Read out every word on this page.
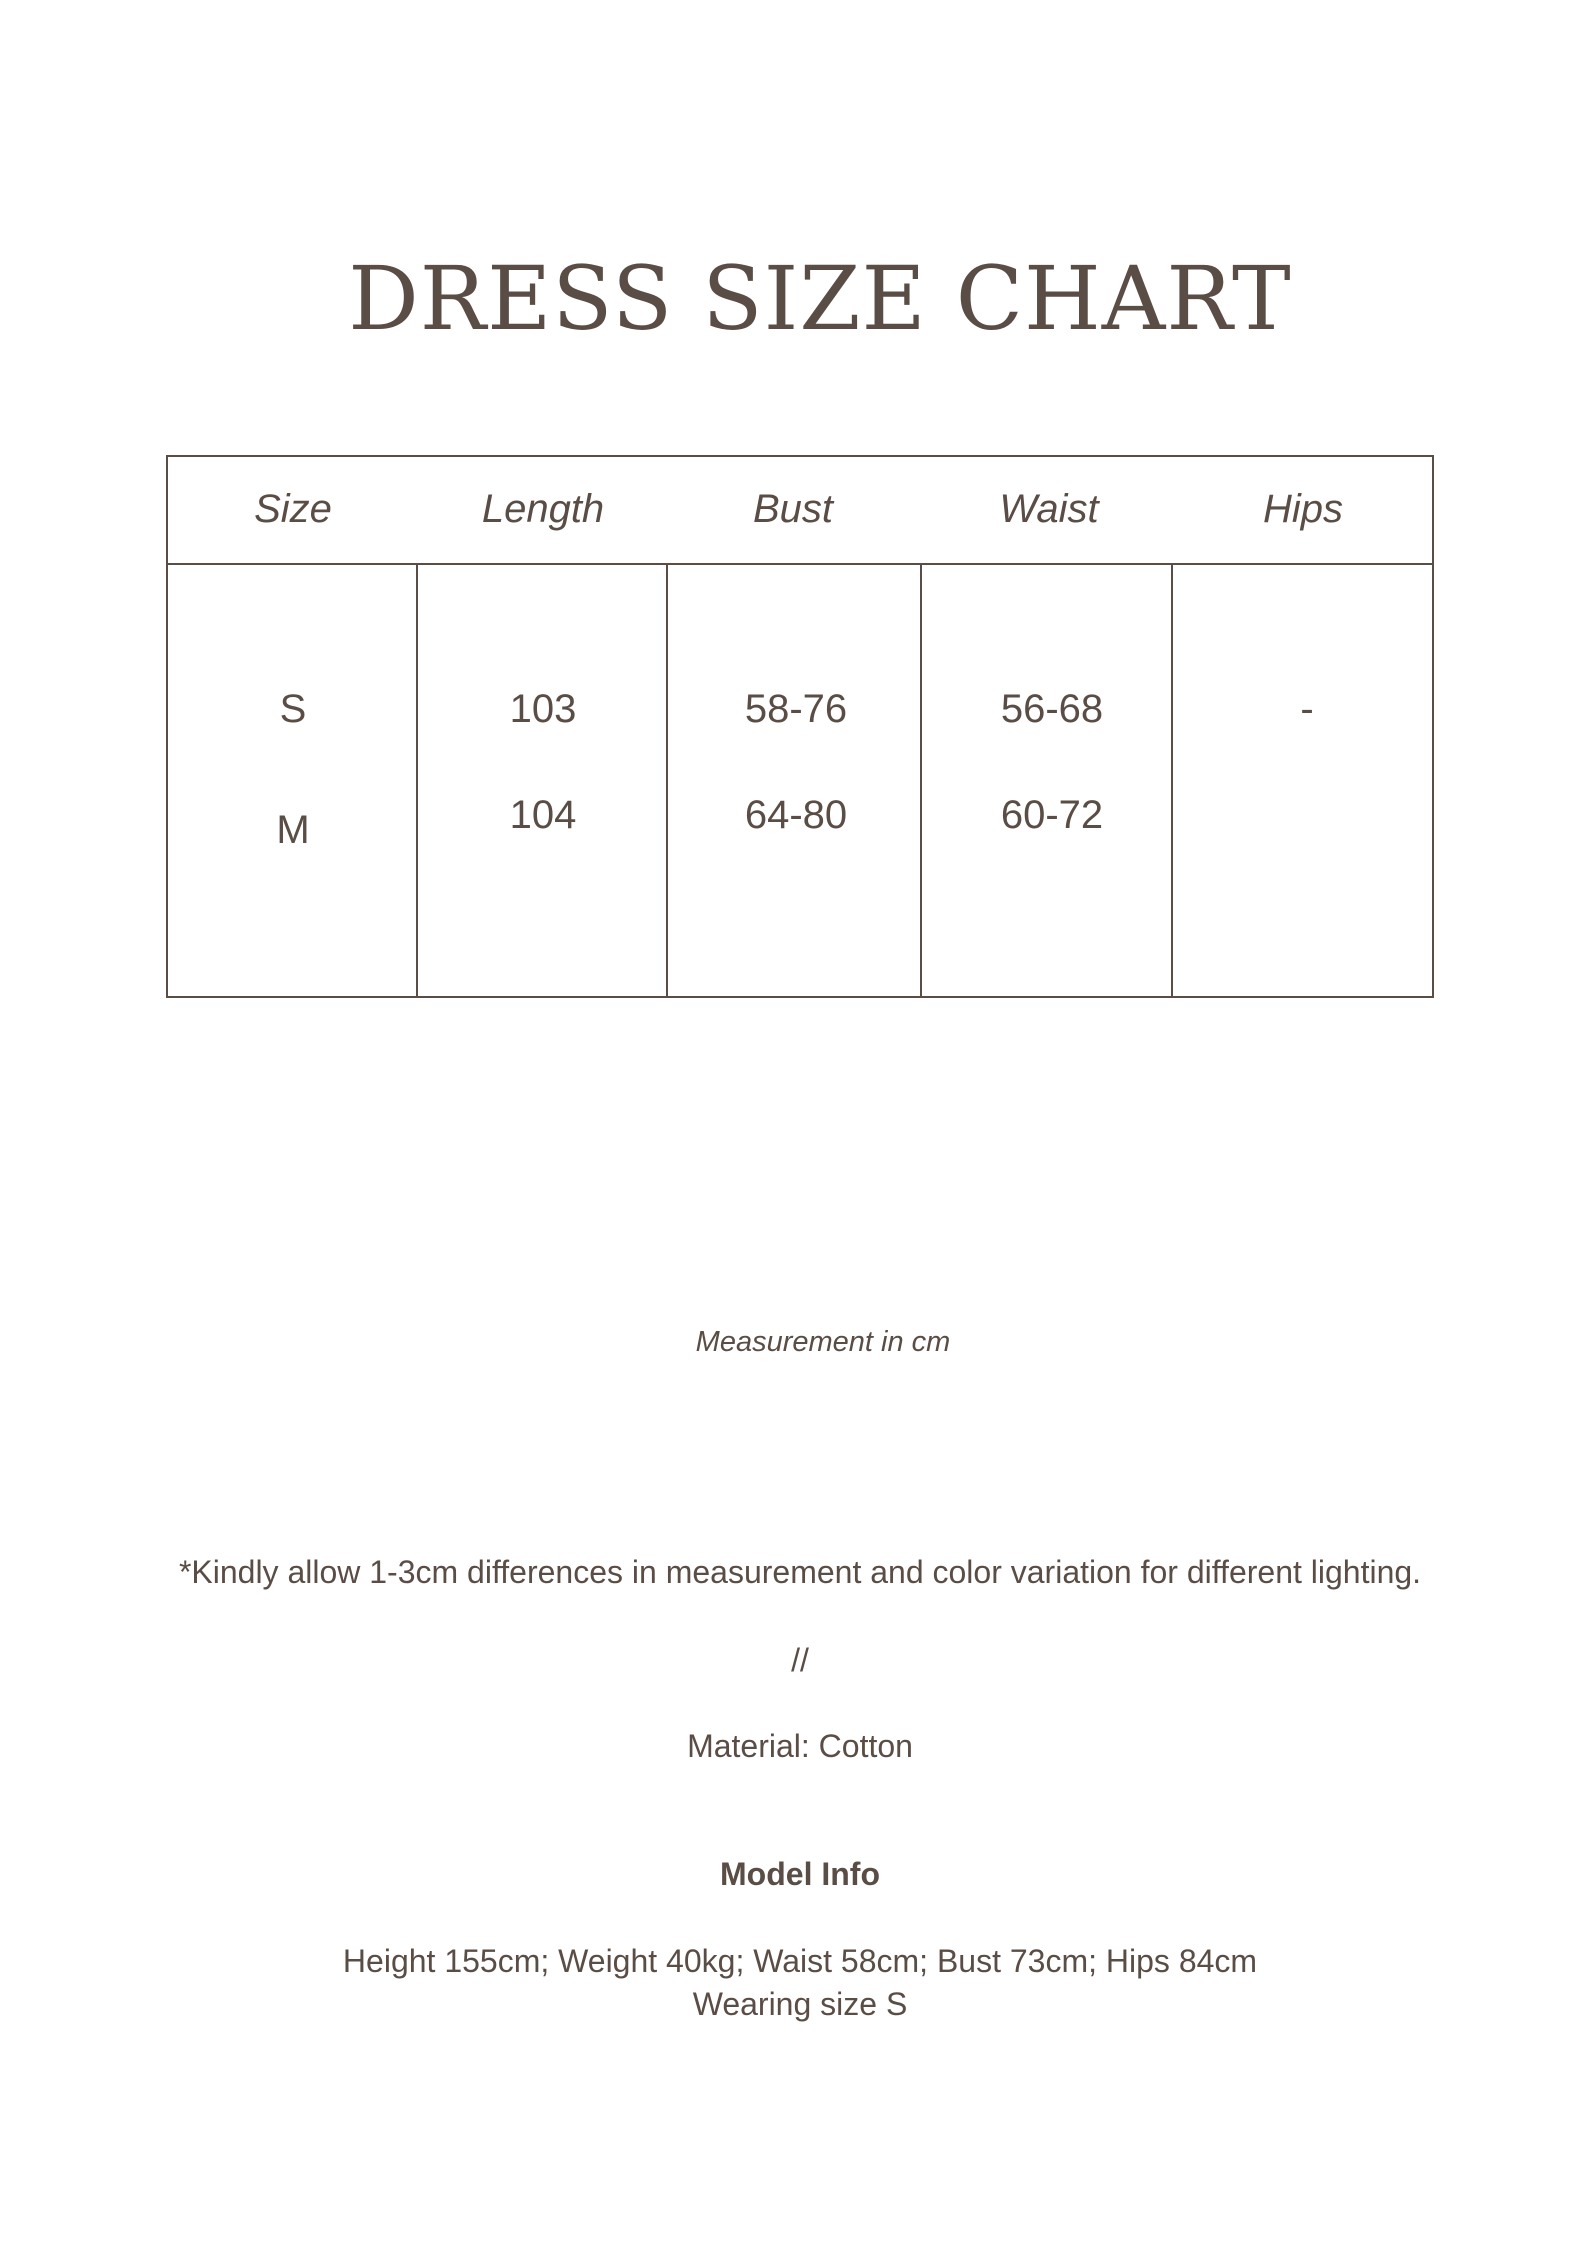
DRESS SIZE CHART
Size	Length	Bust	Waist	Hips
S	103	58-76	56-68	-
M	104	64-80	60-72
Measurement in cm
*Kindly allow 1-3cm differences in measurement and color variation for different lighting.
//
Material: Cotton
Model Info
Height 155cm; Weight 40kg; Waist 58cm; Bust 73cm; Hips 84cm
Wearing size S
